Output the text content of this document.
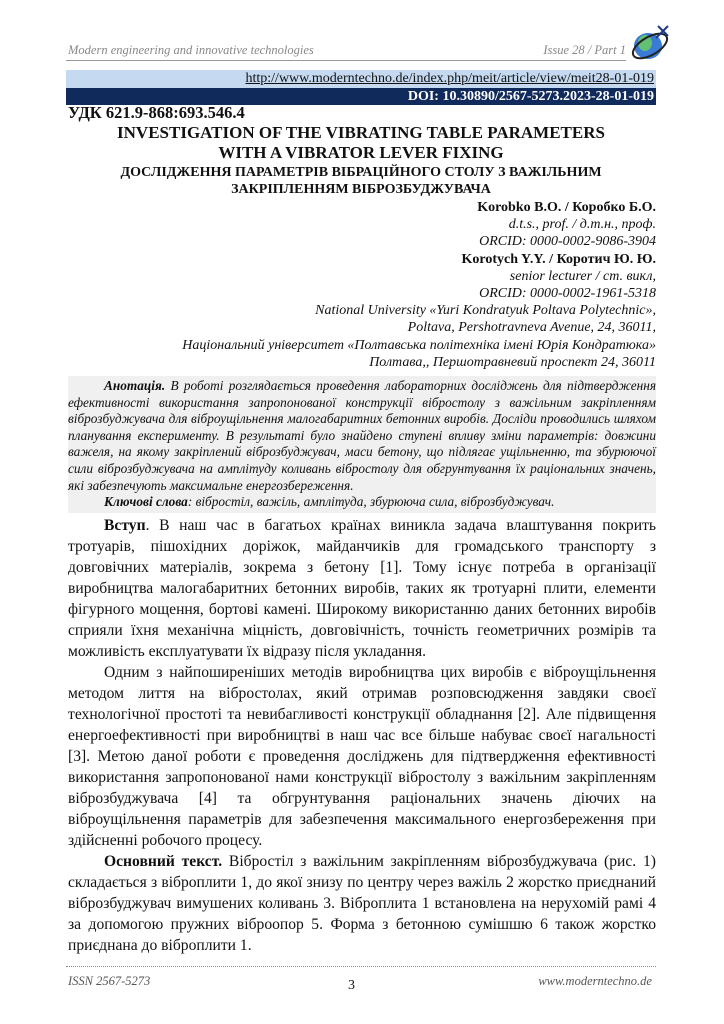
Modern engineering and innovative technologies	Issue 28 / Part 1
http://www.moderntechno.de/index.php/meit/article/view/meit28-01-019
DOI: 10.30890/2567-5273.2023-28-01-019
УДК 621.9-868:693.546.4
INVESTIGATION OF THE VIBRATING TABLE PARAMETERS
WITH A VIBRATOR LEVER FIXING
ДОСЛІДЖЕННЯ ПАРАМЕТРІВ ВІБРАЦІЙНОГО СТОЛУ З ВАЖІЛЬНИМ
ЗАКРІПЛЕННЯМ ВІБРОЗБУДЖУВАЧА
Korobko B.O. / Коробко Б.О.
d.t.s., prof. / д.т.н., проф.
ORCID: 0000-0002-9086-3904
Korotych Y.Y. / Коротич Ю. Ю.
senior lecturer / ст. викл,
ORCID: 0000-0002-1961-5318
National University «Yuri Kondratyuk Poltava Polytechnic»,
Poltava, Pershotravneva Avenue, 24, 36011,
Національний університет «Полтавська політехніка імені Юрія Кондратюка»
Полтава,, Першотравневий проспект 24, 36011

Анотація. В роботі розглядається проведення лабораторних досліджень для підтвердження ефективності використання запропонованої конструкції віброcтолу з важільним закріпленням вiброзбуджувача для віброущільнення малогабаритних бетонних виробів. Досліди проводились шляхом планування експерименту. В результаті було знайдено ступені впливу зміни параметрів: довжини важеля, на якому закріплений віброзбуджувач, маси бетону, що підлягає ущільненню, та збурюючої сили віброзбуджувача на амплітуду коливань віброcтолу для обгрунтування їх раціональних значень, які забезпечують максимальне енергозбереження.

Ключові слова: вібростіл, важіль, амплітуда, збурююча сила, віброзбуджувач.

Вступ. В наш час в багатьох країнах виникла задача влаштування покрить тротуарів, пішохідних доріжок, майданчиків для громадського транспорту з довговічних матеріалів, зокрема з бетону [1]. Тому існує потреба в організації виробництва малогабаритних бетонних виробів, таких як тротуарні плити, елементи фігурного мощення, бортові камені. Широкому використанню даних бетонних виробів сприяли їхня механічна міцність, довговічність, точність геометричних розмірів та можливість експлуатувати їх відразу після укладання.

Одним з найпоширеніших методів виробництва цих виробів є віброущільнення методом лиття на вібростолах, який отримав розповсюдження завдяки своєї технологічної простоті та невибагливості конструкції обладнання [2]. Але підвищення енергоефективності при виробництві в наш час все більше набуває своєї нагальності [3]. Метою даної роботи є проведення досліджень для підтвердження ефективності використання запропонованої нами конструкції вібростолу з важільним закріпленням віброзбуджувача [4] та обгрунтування раціональних значень діючих на віброущільнення параметрів для забезпечення максимального енергозбереження при здійсненні робочого процесу.

Основний текст. Вібростіл з важільним закріпленням віброзбуджувача (рис. 1) складається з віброплити 1, до якої знизу по центру через важіль 2 жорстко приєднаний віброзбуджувач вимушених коливань 3. Віброплита 1 встановлена на нерухомій рамі 4 за допомогою пружних віброопор 5. Форма з бетонною сумішшю 6 також жорстко приєднана до віброплити 1.

ISSN 2567-5273	3	www.moderntechno.de
